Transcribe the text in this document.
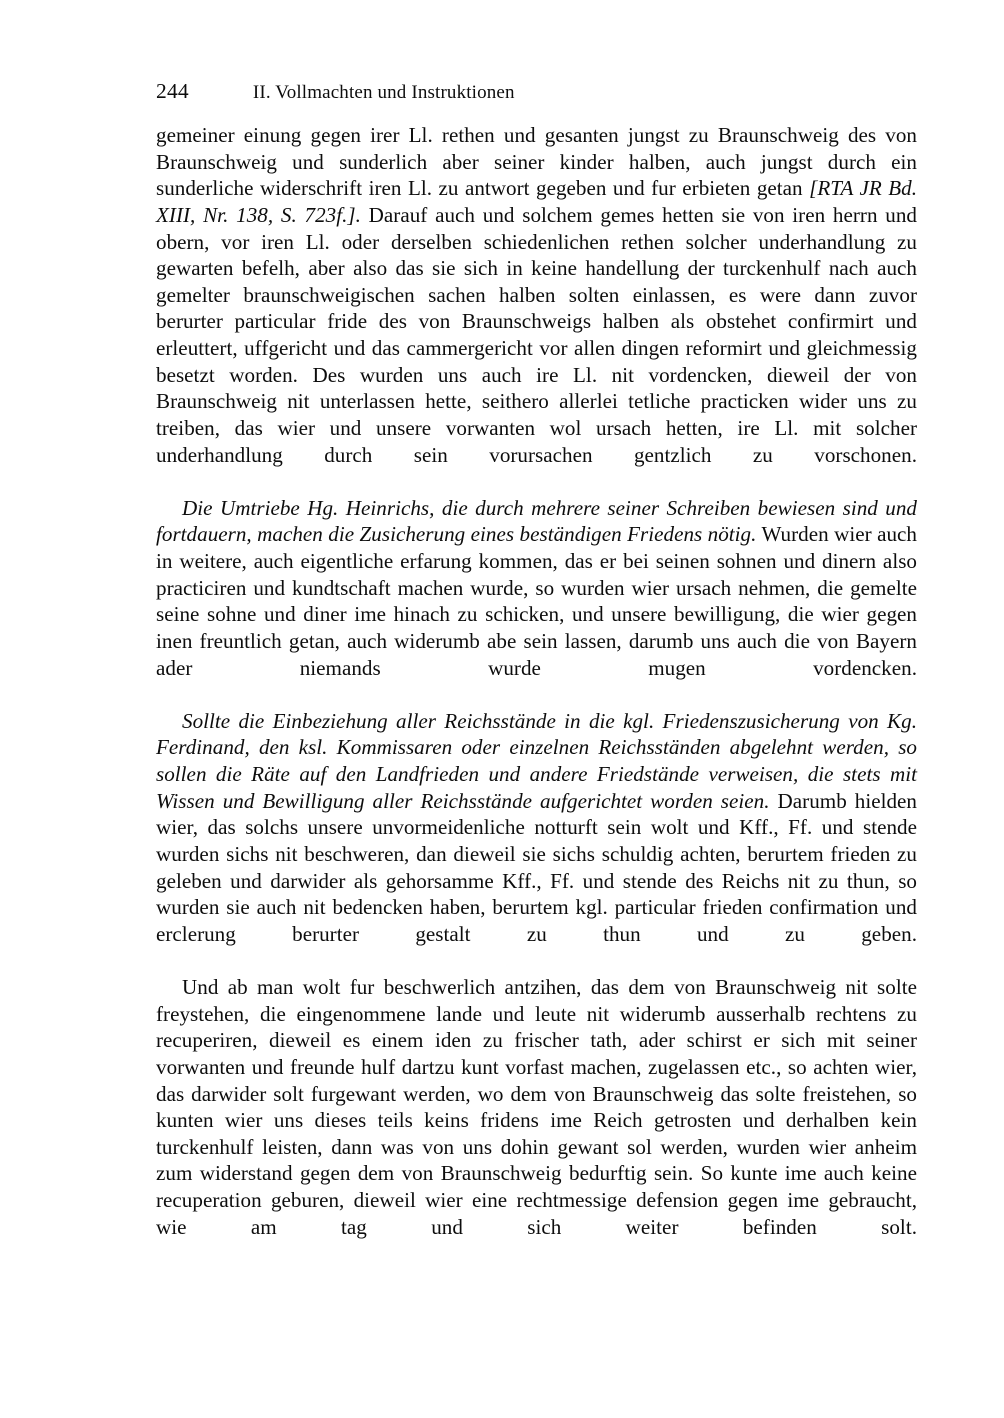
244	II. Vollmachten und Instruktionen

gemeiner einung gegen irer Ll. rethen und gesanten jungst zu Braunschweig des von Braunschweig und sunderlich aber seiner kinder halben, auch jungst durch ein sunderliche widerschrift iren Ll. zu antwort gegeben und fur erbieten getan [RTA JR Bd. XIII, Nr. 138, S. 723f.]. Darauf auch und solchem gemes hetten sie von iren herrn und obern, vor iren Ll. oder derselben schiedenlichen rethen solcher underhandlung zu gewarten befelh, aber also das sie sich in keine handellung der turckenhulf nach auch gemelter braunschweigischen sachen halben solten einlassen, es were dann zuvor berurter particular fride des von Braunschweigs halben als obstehet confirmirt und erleuttert, uffgericht und das cammergericht vor allen dingen reformirt und gleichmessig besetzt worden. Des wurden uns auch ire Ll. nit vordencken, dieweil der von Braunschweig nit unterlassen hette, seithero allerlei tetliche practicken wider uns zu treiben, das wier und unsere vorwanten wol ursach hetten, ire Ll. mit solcher underhandlung durch sein vorursachen gentzlich zu vorschonen.

Die Umtriebe Hg. Heinrichs, die durch mehrere seiner Schreiben bewiesen sind und fortdauern, machen die Zusicherung eines beständigen Friedens nötig. Wurden wier auch in weitere, auch eigentliche erfarung kommen, das er bei seinen sohnen und dinern also practiciren und kundtschaft machen wurde, so wurden wier ursach nehmen, die gemelte seine sohne und diner ime hinach zu schicken, und unsere bewilligung, die wier gegen inen freuntlich getan, auch widerumb abe sein lassen, darumb uns auch die von Bayern ader niemands wurde mugen vordencken.

Sollte die Einbeziehung aller Reichsstände in die kgl. Friedenszusicherung von Kg. Ferdinand, den ksl. Kommissaren oder einzelnen Reichsständen abgelehnt werden, so sollen die Räte auf den Landfrieden und andere Friedstände verweisen, die stets mit Wissen und Bewilligung aller Reichsstände aufgerichtet worden seien. Darumb hielden wier, das solchs unsere unvormeidenliche notturft sein wolt und Kff., Ff. und stende wurden sichs nit beschweren, dan dieweil sie sichs schuldig achten, berurtem frieden zu geleben und darwider als gehorsamme Kff., Ff. und stende des Reichs nit zu thun, so wurden sie auch nit bedencken haben, berurtem kgl. particular frieden confirmation und erclerung berurter gestalt zu thun und zu geben.

Und ab man wolt fur beschwerlich antzihen, das dem von Braunschweig nit solte freystehen, die eingenommene lande und leute nit widerumb ausserhalb rechtens zu recuperiren, dieweil es einem iden zu frischer tath, ader schirst er sich mit seiner vorwanten und freunde hulf dartzu kunt vorfast machen, zugelassen etc., so achten wier, das darwider solt furgewant werden, wo dem von Braunschweig das solte freistehen, so kunten wier uns dieses teils keins fridens ime Reich getrosten und derhalben kein turckenhulf leisten, dann was von uns dohin gewant sol werden, wurden wier anheim zum widerstand gegen dem von Braunschweig bedurftig sein. So kunte ime auch keine recuperation geburen, dieweil wier eine rechtmessige defension gegen ime gebraucht, wie am tag und sich weiter befinden solt.
